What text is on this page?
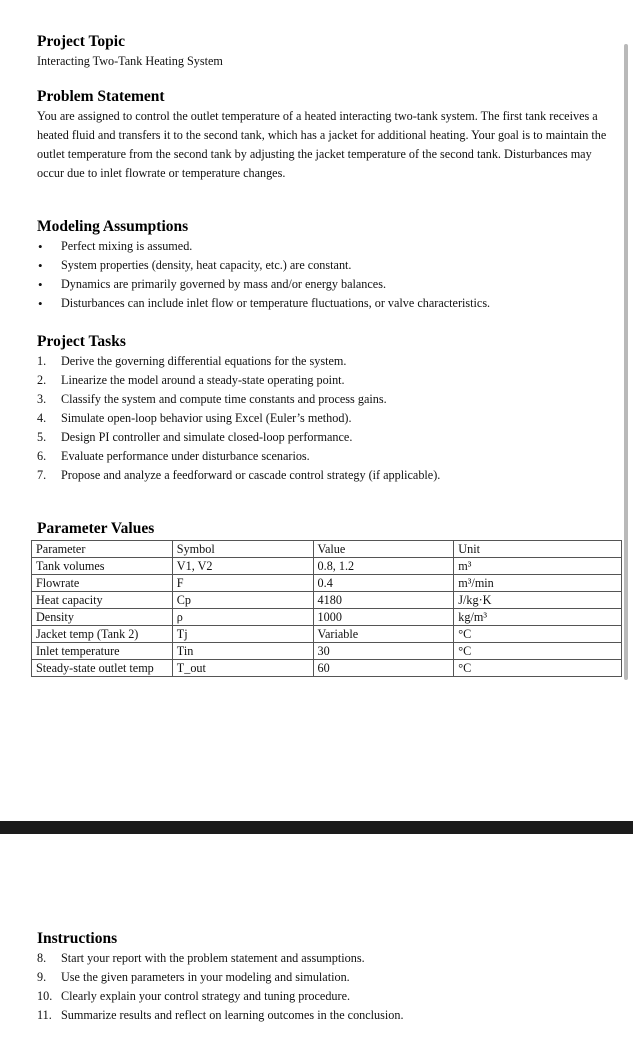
Project Topic

Interacting Two-Tank Heating System

Problem Statement

You are assigned to control the outlet temperature of a heated interacting two-tank system. The first tank receives a heated fluid and transfers it to the second tank, which has a jacket for additional heating. Your goal is to maintain the outlet temperature from the second tank by adjusting the jacket temperature of the second tank. Disturbances may occur due to inlet flowrate or temperature changes.

Modeling Assumptions
• Perfect mixing is assumed.
• System properties (density, heat capacity, etc.) are constant.
• Dynamics are primarily governed by mass and/or energy balances.
• Disturbances can include inlet flow or temperature fluctuations, or valve characteristics.
Project Tasks
1. Derive the governing differential equations for the system.
2. Linearize the model around a steady-state operating point.
3. Classify the system and compute time constants and process gains.
4. Simulate open-loop behavior using Excel (Euler’s method).
5. Design PI controller and simulate closed-loop performance.
6. Evaluate performance under disturbance scenarios.
7. Propose and analyze a feedforward or cascade control strategy (if applicable).
Parameter Values
Parameter	Symbol	Value	Unit
Tank volumes	V1, V2	0.8, 1.2	m³
Flowrate	F	0.4	m³/min
Heat capacity	Cp	4180	J/kg·K
Density	ρ	1000	kg/m³
Jacket temp (Tank 2)	Tj	Variable	°C
Inlet temperature	Tin	30	°C
Steady-state outlet temp	T_out	60	°C
Instructions
8. Start your report with the problem statement and assumptions.
9. Use the given parameters in your modeling and simulation.
10. Clearly explain your control strategy and tuning procedure.
11. Summarize results and reflect on learning outcomes in the conclusion.
